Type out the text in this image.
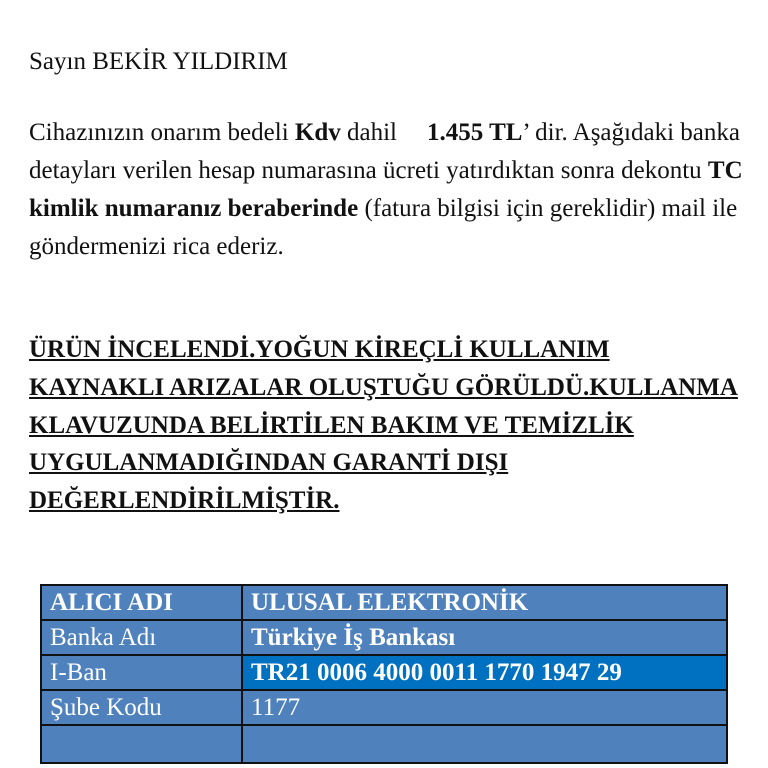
Sayın BEKİR YILDIRIM
Cihazınızın onarım bedeli Kdv dahil 1.455 TL’ dir. Aşağıdaki banka detayları verilen hesap numarasına ücreti yatırdıktan sonra dekontu TC kimlik numaranız beraberinde (fatura bilgisi için gereklidir) mail ile göndermenizi rica ederiz.
ÜRÜN İNCELENDİ.YOĞUN KİREÇLİ KULLANIM KAYNAKLI ARIZALAR OLUŞTUĞU GÖRÜLDÜ.KULLANMA KLAVUZUNDA BELİRTİLEN BAKIM VE TEMİZLİK UYGULANMADIĞINDAN GARANTİ DIŞI DEĞERLENDİRİLMİŞTİR.
ALICI ADI	ULUSAL ELEKTRONİK
Banka Adı	Türkiye İş Bankası
I-Ban	TR21 0006 4000 0011 1770 1947 29
Şube Kodu	1177
